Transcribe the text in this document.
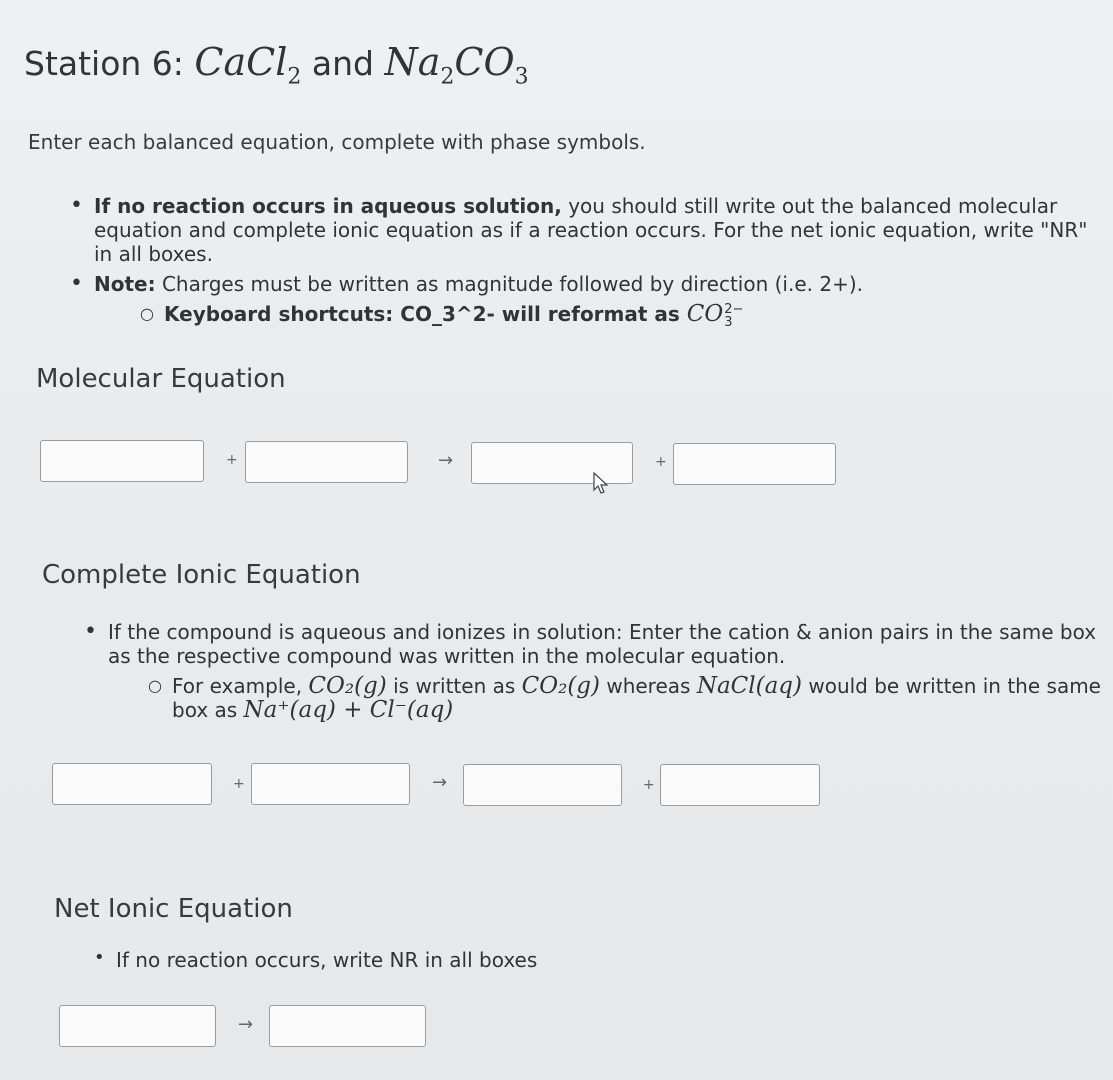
Station 6: CaCl$_2$ and $Na_2CO_3$
Enter each balanced equation, complete with phase symbols.
• If no reaction occurs in aqueous solution, you should still write out the balanced molecular equation and complete ionic equation as if a reaction occurs. For the net ionic equation, write "NR" in all boxes.
• Note: Charges must be written as magnitude followed by direction (i.e. 2+).
○ Keyboard shortcuts: CO_3^2- will reformat as CO 2−
3
Molecular Equation
+	→	+
Complete Ionic Equation
• If the compound is aqueous and ionizes in solution: Enter the cation & anion pairs in the same box as the respective compound was written in the molecular equation.
○ For example, CO₂(g) is written as CO₂(g) whereas NaCl(aq) would be written in the same box as Na⁺(aq) + Cl⁻(aq)
+	→	+
Net Ionic Equation
• If no reaction occurs, write NR in all boxes
→
